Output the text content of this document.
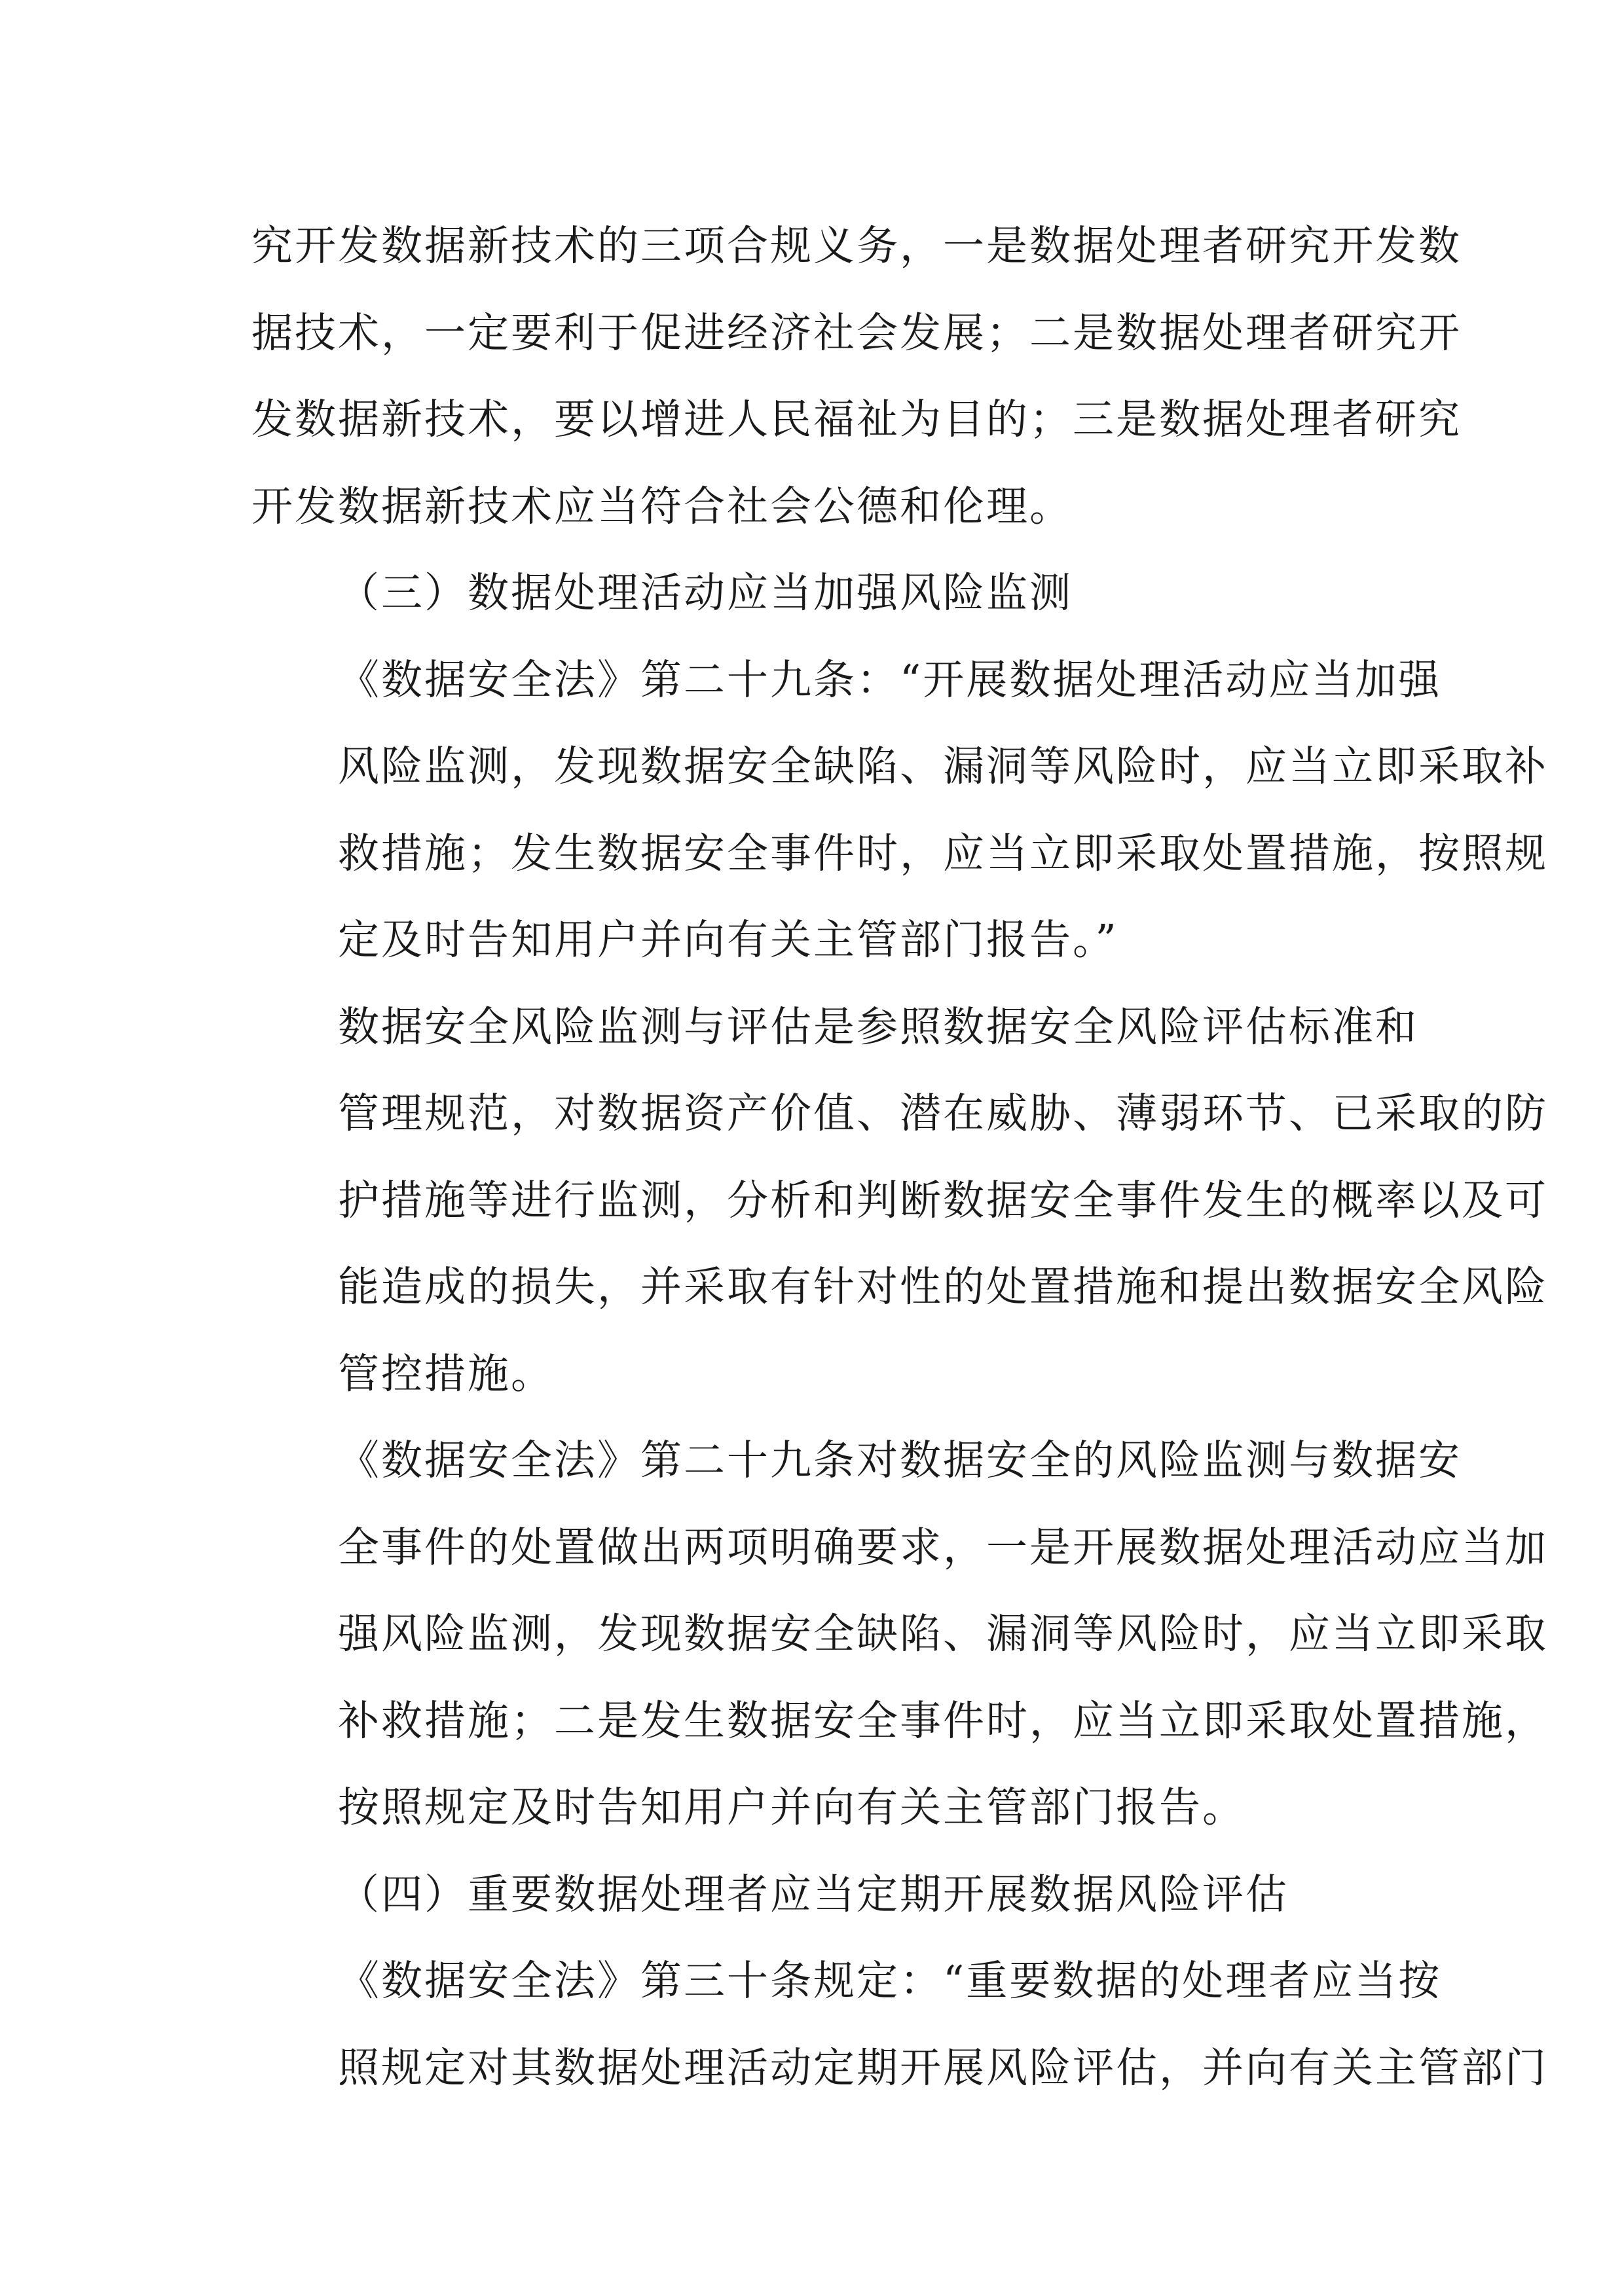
究开发数据新技术的三项合规义务，一是数据处理者研究开发数
据技术，一定要利于促进经济社会发展；二是数据处理者研究开
发数据新技术，要以增进人民福祉为目的；三是数据处理者研究
开发数据新技术应当符合社会公德和伦理。
（三）数据处理活动应当加强风险监测
《数据安全法》第二十九条：“开展数据处理活动应当加强
风险监测，发现数据安全缺陷、漏洞等风险时，应当立即采取补
救措施；发生数据安全事件时，应当立即采取处置措施，按照规
定及时告知用户并向有关主管部门报告。”
数据安全风险监测与评估是参照数据安全风险评估标准和
管理规范，对数据资产价值、潜在威胁、薄弱环节、已采取的防
护措施等进行监测，分析和判断数据安全事件发生的概率以及可
能造成的损失，并采取有针对性的处置措施和提出数据安全风险
管控措施。
《数据安全法》第二十九条对数据安全的风险监测与数据安
全事件的处置做出两项明确要求，一是开展数据处理活动应当加
强风险监测，发现数据安全缺陷、漏洞等风险时，应当立即采取
补救措施；二是发生数据安全事件时，应当立即采取处置措施，
按照规定及时告知用户并向有关主管部门报告。
（四）重要数据处理者应当定期开展数据风险评估
《数据安全法》第三十条规定：“重要数据的处理者应当按
照规定对其数据处理活动定期开展风险评估，并向有关主管部门
